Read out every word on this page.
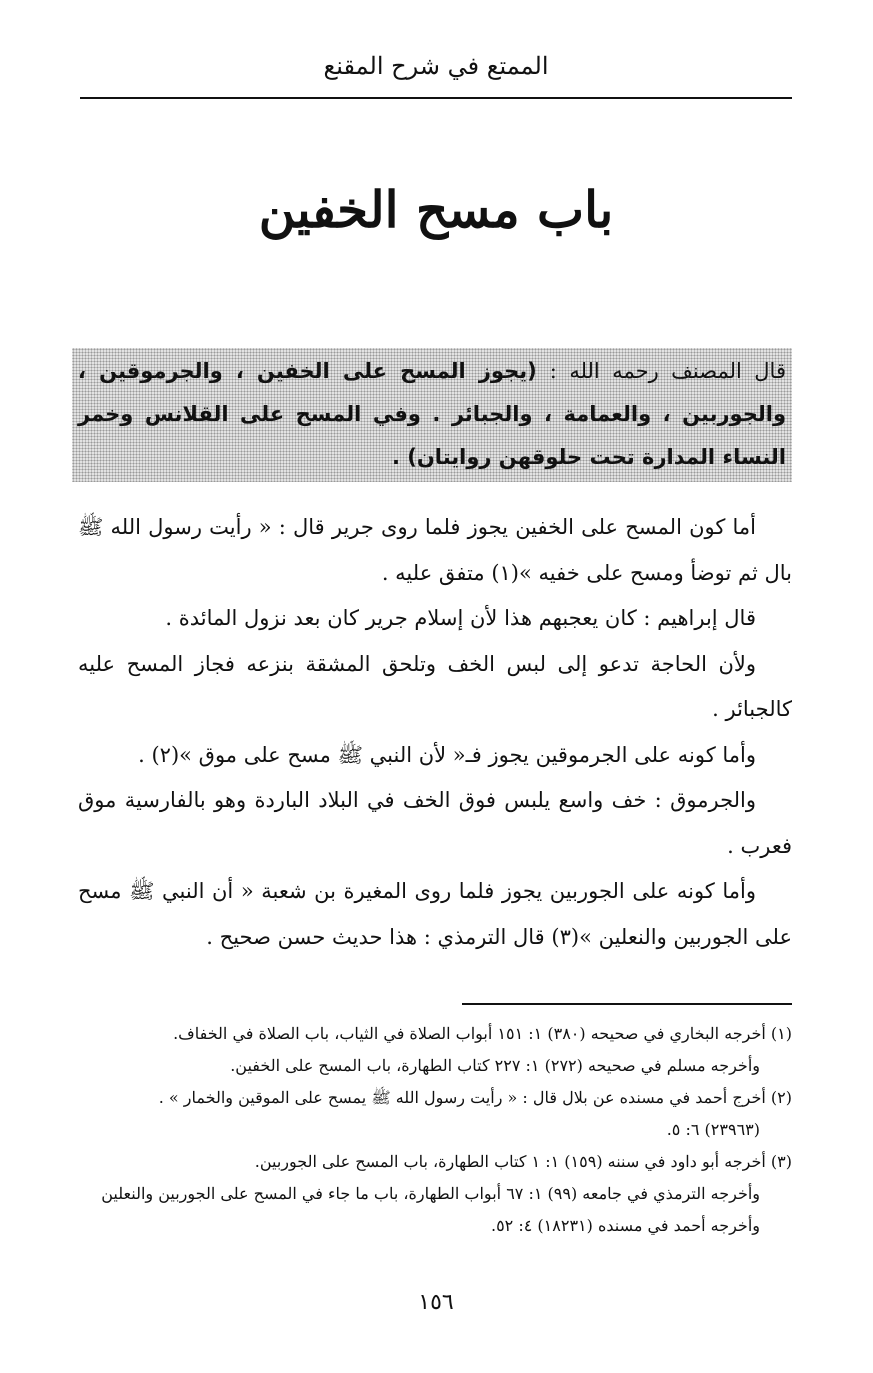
الممتع في شرح المقنع
باب مسح الخفين
قال المصنف رحمه الله : (يجوز المسح على الخفين ، والجرموقين ، والجوربين ، والعمامة ، والجبائر . وفي المسح على القلانس وخمر النساء المدارة تحت حلوقهن روايتان) .

أما كون المسح على الخفين يجوز فلما روى جرير قال : « رأيت رسول الله ﷺ بال ثم توضأ ومسح على خفيه »(١) متفق عليه .

قال إبراهيم : كان يعجبهم هذا لأن إسلام جرير كان بعد نزول المائدة .

ولأن الحاجة تدعو إلى لبس الخف وتلحق المشقة بنزعه فجاز المسح عليه كالجبائر .

وأما كونه على الجرموقين يجوز فـ« لأن النبي ﷺ مسح على موق »(٢) .

والجرموق : خف واسع يلبس فوق الخف في البلاد الباردة وهو بالفارسية موق فعرب .

وأما كونه على الجوربين يجوز فلما روى المغيرة بن شعبة « أن النبي ﷺ مسح على الجوربين والنعلين »(٣) قال الترمذي : هذا حديث حسن صحيح .

(١) أخرجه البخاري في صحيحه (٣٨٠) ١: ١٥١ أبواب الصلاة في الثياب، باب الصلاة في الخفاف.

وأخرجه مسلم في صحيحه (٢٧٢) ١: ٢٢٧ كتاب الطهارة، باب المسح على الخفين.

(٢) أخرج أحمد في مسنده عن بلال قال : « رأيت رسول الله ﷺ يمسح على الموقين والخمار » .

(٢٣٩٦٣) ٦: ٥.

(٣) أخرجه أبو داود في سننه (١٥٩) ١: ١ كتاب الطهارة، باب المسح على الجوربين.

وأخرجه الترمذي في جامعه (٩٩) ١: ٦٧ أبواب الطهارة، باب ما جاء في المسح على الجوربين والنعلين

وأخرجه أحمد في مسنده (١٨٢٣١) ٤: ٥٢.

١٥٦
